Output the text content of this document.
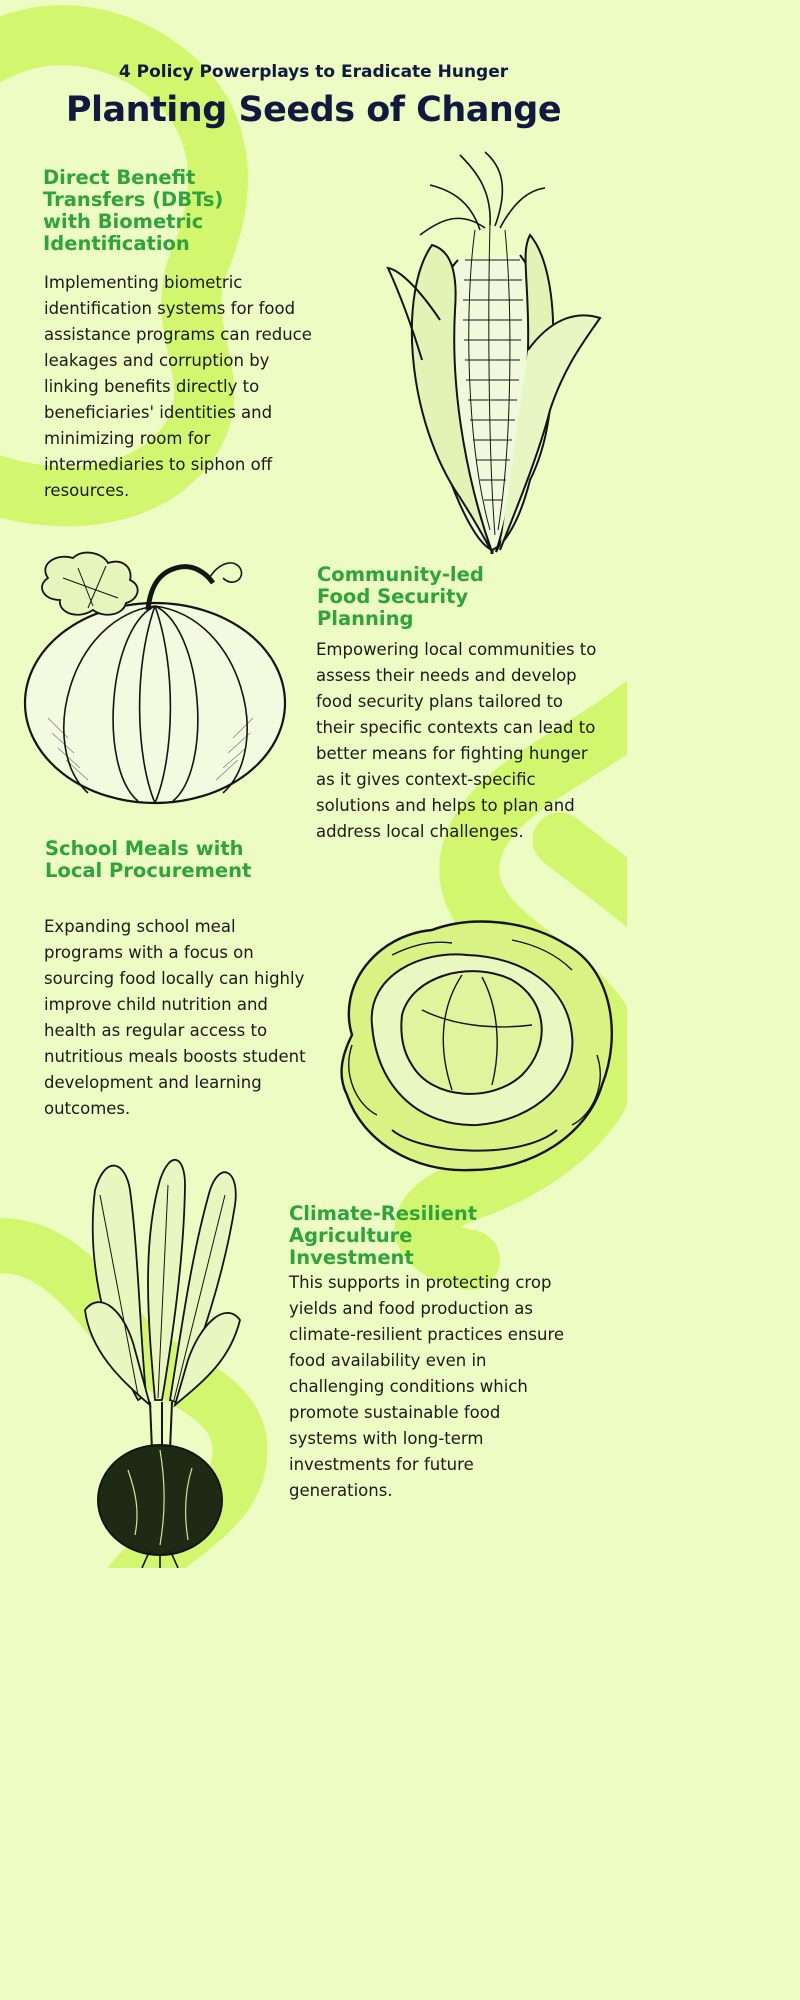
4 Policy Powerplays to Eradicate Hunger
Planting Seeds of Change
Direct Benefit Transfers (DBTs) with Biometric Identification
Implementing biometric identification systems for food assistance programs can reduce leakages and corruption by linking benefits directly to beneficiaries' identities and minimizing room for intermediaries to siphon off resources.
Community-led Food Security Planning
Empowering local communities to assess their needs and develop food security plans tailored to their specific contexts can lead to better means for fighting hunger as it gives context-specific solutions and helps to plan and address local challenges.
School Meals with Local Procurement
Expanding school meal programs with a focus on sourcing food locally can highly improve child nutrition and health as regular access to nutritious meals boosts student development and learning outcomes.
Climate-Resilient Agriculture Investment
This supports in protecting crop yields and food production as climate-resilient practices ensure food availability even in challenging conditions which promote sustainable food systems with long-term investments for future generations.
